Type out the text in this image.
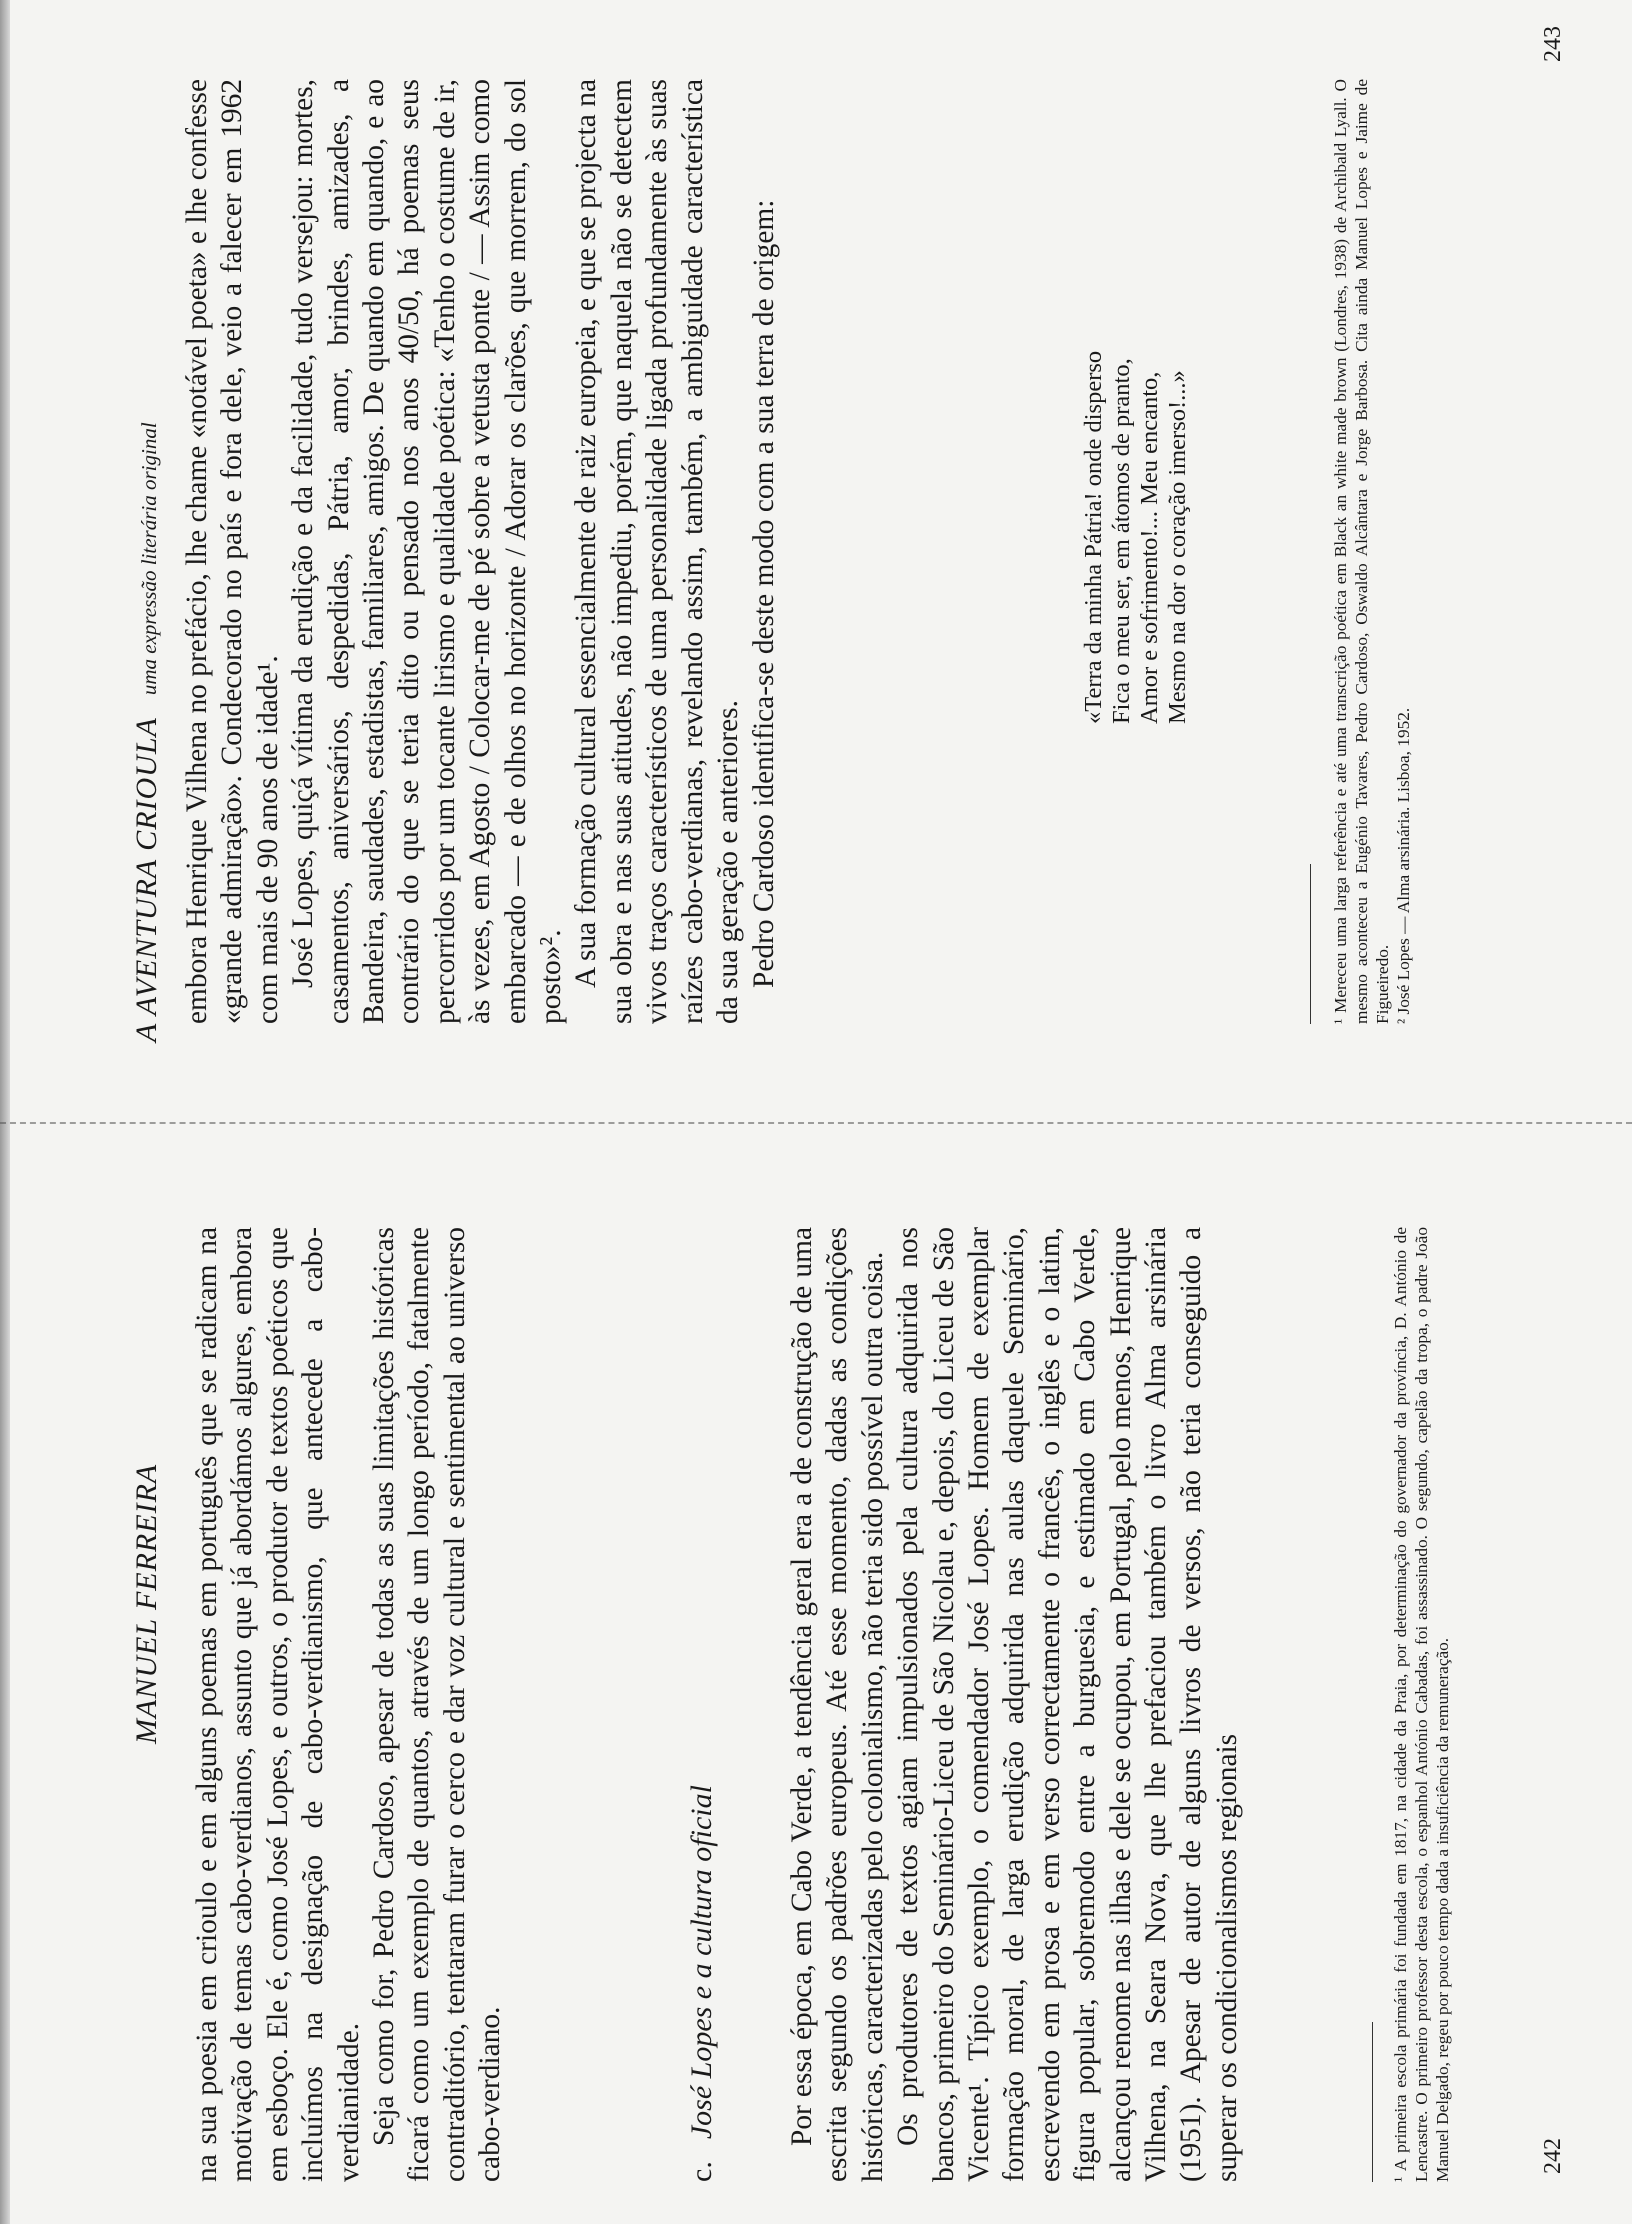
MANUEL FERREIRA na sua poesia em crioulo e em alguns poemas em português que se radicam na motivação de temas cabo-verdianos, assunto que já abordámos algures, embora em esboço. Ele é, como José Lopes, e outros, o produtor de textos poéticos que incluímos na designação de cabo-verdianismo, que antecede a cabo-verdianidade. Seja como for, Pedro Cardoso, apesar de todas as suas limitações históricas ficará como um exemplo de quantos, através de um longo período, fatalmente contraditório, tentaram furar o cerco e dar voz cultural e sentimental ao universo cabo-verdiano.	c.José Lopes e a cultura oficial Por essa época, em Cabo Verde, a tendência geral era a de construção de uma escrita segundo os padrões europeus. Até esse momento, dadas as condições históricas, caracterizadas pelo colonialismo, não teria sido possível outra coisa. Os produtores de textos agiam impulsionados pela cultura adquirida nos bancos, primeiro do Seminário-Liceu de São Nicolau e, depois, do Liceu de São Vicente¹. Típico exemplo, o comendador José Lopes. Homem de exemplar formação moral, de larga erudição adquirida nas aulas daquele Seminário, escrevendo em prosa e em verso correctamente o francês, o inglês e o latim, figura popular, sobremodo entre a burguesia, e estimado em Cabo Verde, alcançou renome nas ilhas e dele se ocupou, em Portugal, pelo menos, Henrique Vilhena, na Seara Nova, que lhe prefaciou também o livro Alma arsinária (1951). Apesar de autor de alguns livros de versos, não teria conseguido a superar os condicionalismos regionais	¹ A primeira escola primária foi fundada em 1817, na cidade da Praia, por determinação do governador da província, D. António de Lencastre. O primeiro professor desta escola, o espanhol António Cabadas, foi assassinado. O segundo, capelão da tropa, o padre João Manuel Delgado, regeu por pouco tempo dada a insuficiência da remuneração.	242
A AVENTURA CRIOULAuma expressão literária original embora Henrique Vilhena no prefácio, lhe chame «notável poeta» e lhe confesse «grande admiração». Condecorado no país e fora dele, veio a falecer em 1962 com mais de 90 anos de idade¹. José Lopes, quiçá vítima da erudição e da facilidade, tudo versejou: mortes, casamentos, aniversários, despedidas, Pátria, amor, brindes, amizades, a Bandeira, saudades, estadistas, familiares, amigos. De quando em quando, e ao contrário do que se teria dito ou pensado nos anos 40/50, há poemas seus percorridos por um tocante lirismo e qualidade poética: «Tenho o costume de ir, às vezes, em Agosto / Colocar-me de pé sobre a vetusta ponte / — Assim como embarcado — e de olhos no horizonte / Adorar os clarões, que morrem, do sol posto»². A sua formação cultural essencialmente de raiz europeia, e que se projecta na sua obra e nas suas atitudes, não impediu, porém, que naquela não se detectem vivos traços característicos de uma personalidade ligada profundamente às suas raízes cabo-verdianas, revelando assim, também, a ambiguidade característica da sua geração e anteriores. Pedro Cardoso identifica-se deste modo com a sua terra de origem:	«Terra da minha Pátria! onde disperso Fica o meu ser, em átomos de pranto, Amor e sofrimento!... Meu encanto, Mesmo na dor o coração imerso!...»	¹ Mereceu uma larga referência e até uma transcrição poética em Black an white made brown (Londres, 1938) de Archibald Lyall. O mesmo aconteceu a Eugénio Tavares, Pedro Cardoso, Oswaldo Alcântara e Jorge Barbosa. Cita ainda Manuel Lopes e Jaime de Figueiredo. ² José Lopes — Alma arsinária. Lisboa, 1952.
243
